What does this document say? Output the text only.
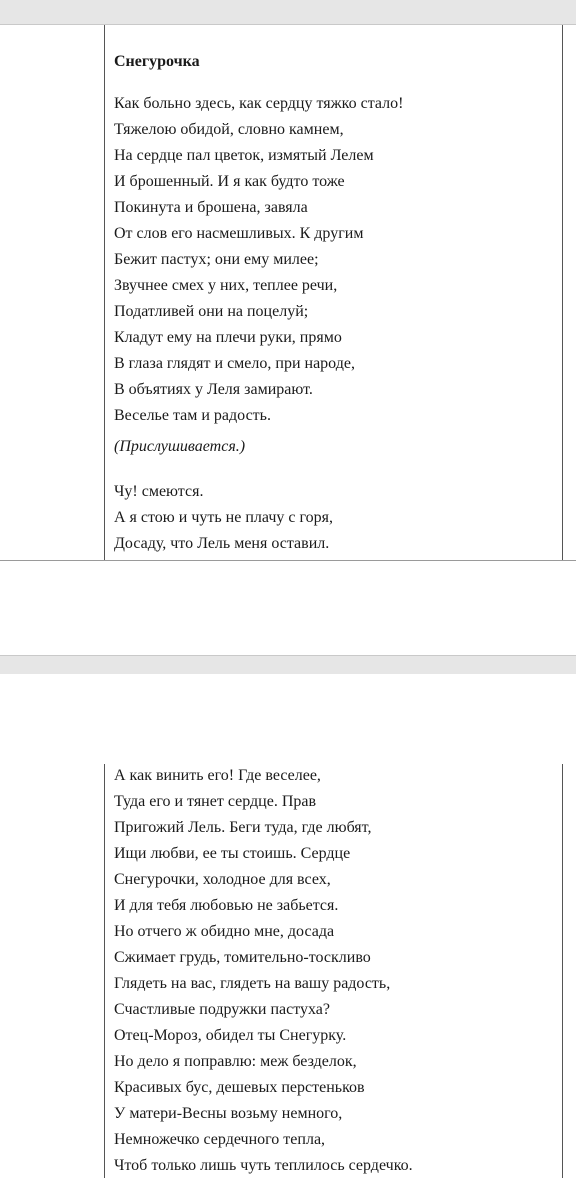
Снегурочка
Как больно здесь, как сердцу тяжко стало!
Тяжелою обидой, словно камнем,
На сердце пал цветок, измятый Лелем
И брошенный. И я как будто тоже
Покинута и брошена, завяла
От слов его насмешливых. К другим
Бежит пастух; они ему милее;
Звучнее смех у них, теплее речи,
Податливей они на поцелуй;
Кладут ему на плечи руки, прямо
В глаза глядят и смело, при народе,
В объятиях у Леля замирают.
Веселье там и радость.
(Прислушивается.)
Чу! смеются.
А я стою и чуть не плачу с горя,
Досаду, что Лель меня оставил.
А как винить его! Где веселее,
Туда его и тянет сердце. Прав
Пригожий Лель. Беги туда, где любят,
Ищи любви, ее ты стоишь. Сердце
Снегурочки, холодное для всех,
И для тебя любовью не забьется.
Но отчего ж обидно мне, досада
Сжимает грудь, томительно-тоскливо
Глядеть на вас, глядеть на вашу радость,
Счастливые подружки пастуха?
Отец-Мороз, обидел ты Снегурку.
Но дело я поправлю: меж безделок,
Красивых бус, дешевых перстеньков
У матери-Весны возьму немного,
Немножечко сердечного тепла,
Чтоб только лишь чуть теплилось сердечко.
